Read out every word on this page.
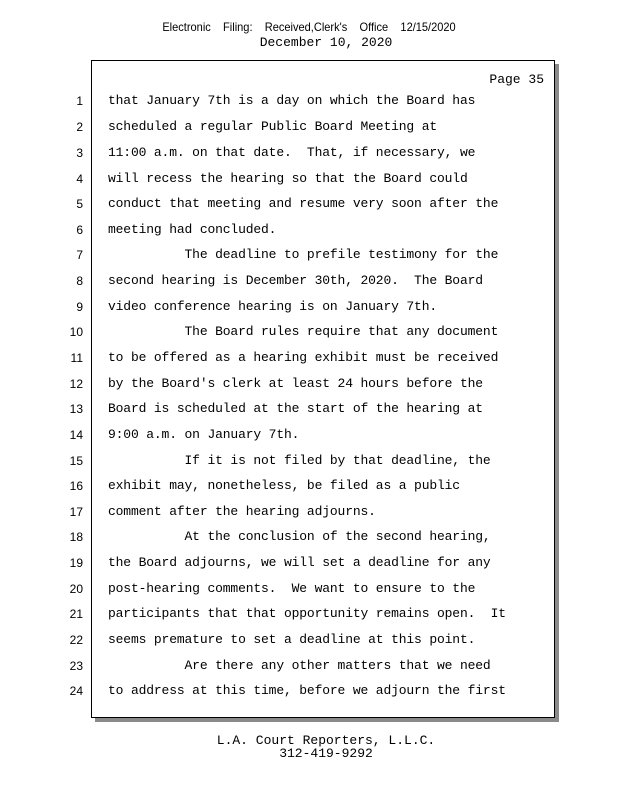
Electronic Filing: Received,Clerk's Office 12/15/2020
December 10, 2020
Page 35
1 that January 7th is a day on which the Board has
2 scheduled a regular Public Board Meeting at
3 11:00 a.m. on that date.  That, if necessary, we
4 will recess the hearing so that the Board could
5 conduct that meeting and resume very soon after the
6 meeting had concluded.
7 The deadline to prefile testimony for the
8 second hearing is December 30th, 2020.  The Board
9 video conference hearing is on January 7th.
10 The Board rules require that any document
11 to be offered as a hearing exhibit must be received
12 by the Board's clerk at least 24 hours before the
13 Board is scheduled at the start of the hearing at
14 9:00 a.m. on January 7th.
15 If it is not filed by that deadline, the
16 exhibit may, nonetheless, be filed as a public
17 comment after the hearing adjourns.
18 At the conclusion of the second hearing,
19 the Board adjourns, we will set a deadline for any
20 post-hearing comments.  We want to ensure to the
21 participants that that opportunity remains open.  It
22 seems premature to set a deadline at this point.
23 Are there any other matters that we need
24 to address at this time, before we adjourn the first
L.A. Court Reporters, L.L.C.
312-419-9292
